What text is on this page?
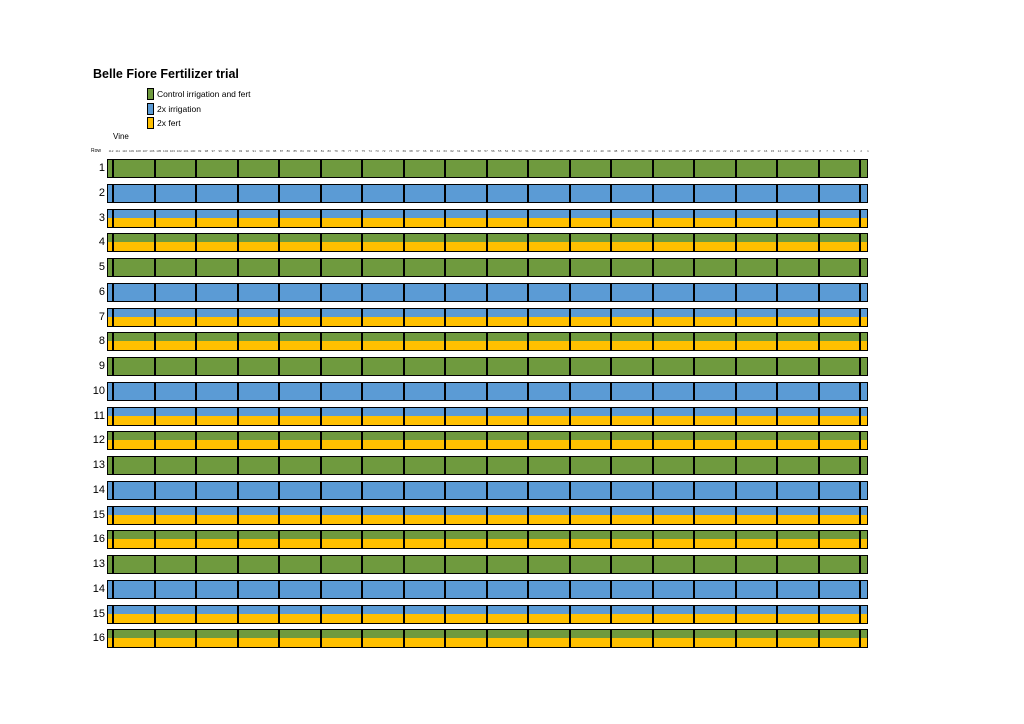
Belle Fiore Fertilizer trial
Control irrigation and fert
2x irrigation
2x fert
Vine
Row	112 111 110 109 108 107 106 105 104 103 102 101 100 99	98	97	96	95	94	93	92	91	90	89	88	87	86	85	84	83	82	81	80	79	78	77	76	75	74	73	72	71	70	69	68	67	66	65	64	63	62	61	60	59	58	57	56	55	54	53	52	51	50	49	48	47	46	45	44	43	42	41	40	39	38	37	36	35	34	33	32	31	30	29	28	27	26	25	24	23	22	21	20	19	18	17	16	15	14	13	12	11	10	9	8	7	6	5	4	3	2	1
1
2
3
4
5
6
7
8
9
10
11
12
13
14
15
16
13
14
15
16
